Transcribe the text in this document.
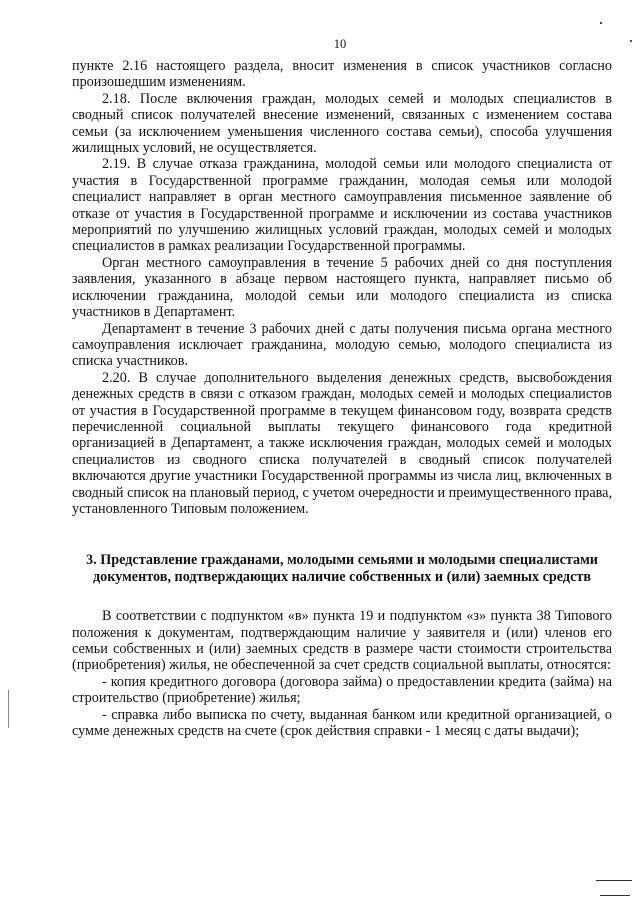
10

пункте 2.16 настоящего раздела, вносит изменения в список участников согласно произошедшим изменениям.

2.18. После включения граждан, молодых семей и молодых специалистов в сводный список получателей внесение изменений, связанных с изменением состава семьи (за исключением уменьшения численного состава семьи), способа улучшения жилищных условий, не осуществляется.

2.19. В случае отказа гражданина, молодой семьи или молодого специалиста от участия в Государственной программе гражданин, молодая семья или молодой специалист направляет в орган местного самоуправления письменное заявление об отказе от участия в Государственной программе и исключении из состава участников мероприятий по улучшению жилищных условий граждан, молодых семей и молодых специалистов в рамках реализации Государственной программы.

Орган местного самоуправления в течение 5 рабочих дней со дня поступления заявления, указанного в абзаце первом настоящего пункта, направляет письмо об исключении гражданина, молодой семьи или молодого специалиста из списка участников в Департамент.

Департамент в течение 3 рабочих дней с даты получения письма органа местного самоуправления исключает гражданина, молодую семью, молодого специалиста из списка участников.

2.20. В случае дополнительного выделения денежных средств, высвобождения денежных средств в связи с отказом граждан, молодых семей и молодых специалистов от участия в Государственной программе в текущем финансовом году, возврата средств перечисленной социальной выплаты текущего финансового года кредитной организацией в Департамент, а также исключения граждан, молодых семей и молодых специалистов из сводного списка получателей в сводный список получателей включаются другие участники Государственной программы из числа лиц, включенных в сводный список на плановый период, с учетом очередности и преимущественного права, установленного Типовым положением.

3. Представление гражданами, молодыми семьями и молодыми специалистами документов, подтверждающих наличие собственных и (или) заемных средств

В соответствии с подпунктом «в» пункта 19 и подпунктом «з» пункта 38 Типового положения к документам, подтверждающим наличие у заявителя и (или) членов его семьи собственных и (или) заемных средств в размере части стоимости строительства (приобретения) жилья, не обеспеченной за счет средств социальной выплаты, относятся:

- копия кредитного договора (договора займа) о предоставлении кредита (займа) на строительство (приобретение) жилья;

- справка либо выписка по счету, выданная банком или кредитной организацией, о сумме денежных средств на счете (срок действия справки - 1 месяц с даты выдачи);
